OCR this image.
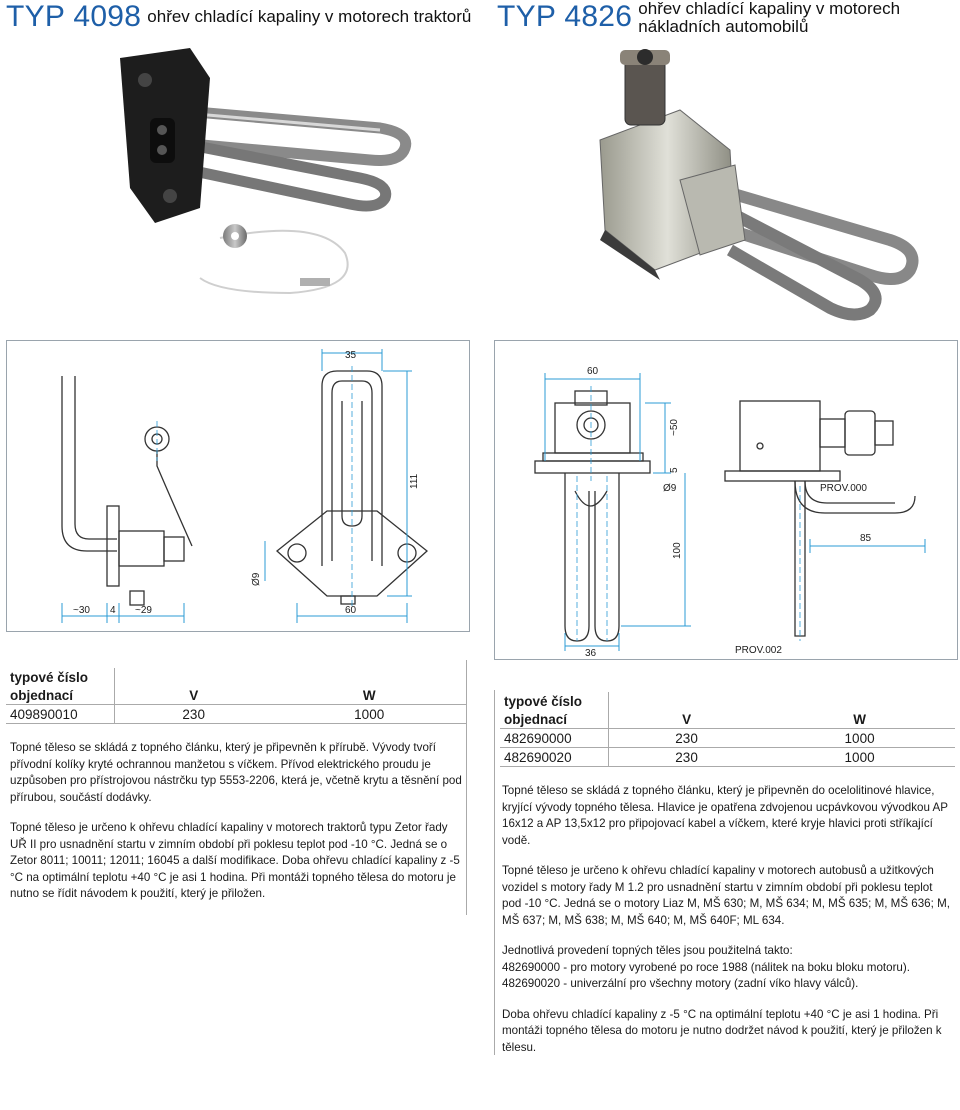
TYP 4098 ohřev chladící kapaliny v motorech traktorů
35
111
Ø9
~30 4 ~29	60
typové číslo		
objednací	V	W
409890010	230	1000

Topné těleso se skládá z topného článku, který je připevněn k přírubě. Vývody tvoří přívodní kolíky kryté ochrannou manžetou s víčkem. Přívod elektrického proudu je uzpůsoben pro přístrojovou nástrčku typ 5553-2206, která je, včetně krytu a těsnění pod přírubou, součástí dodávky.

Topné těleso je určeno k ohřevu chladící kapaliny v motorech traktorů typu Zetor řady UŘ II pro usnadnění startu v zimním období při poklesu teplot pod -10 °C. Jedná se o Zetor 8011; 10011; 12011; 16045 a další modifikace. Doba ohřevu chladící kapaliny z -5 °C na optimální teplotu +40 °C je asi 1 hodina. Při montáži topného tělesa do motoru je nutno se řídit návodem k použití, který je přiložen.

TYP 4826 ohřev chladící kapaliny v motorech
nákladních automobilů
60
~50
5
Ø9	PROV.000
85
100
36	PROV.002
typové číslo		
objednací	V	W
482690000	230	1000
482690020	230	1000

Topné těleso se skládá z topného článku, který je připevněn do ocelolitinové hlavice, kryjící vývody topného tělesa. Hlavice je opatřena zdvojenou ucpávkovou vývodkou AP 16x12 a AP 13,5x12 pro připojovací kabel a víčkem, které kryje hlavici proti stříkající vodě.

Topné těleso je určeno k ohřevu chladící kapaliny v motorech autobusů a užitkových vozidel s motory řady M 1.2 pro usnadnění startu v zimním období při poklesu teplot pod -10 °C. Jedná se o motory Liaz M, MŠ 630; M, MŠ 634; M, MŠ 635; M, MŠ 636; M, MŠ 637; M, MŠ 638; M, MŠ 640; M, MŠ 640F; ML 634.

Jednotlivá provedení topných těles jsou použitelná takto:
482690000 - pro motory vyrobené po roce 1988 (nálitek na boku bloku motoru).

482690020 - univerzální pro všechny motory (zadní víko hlavy válců).

Doba ohřevu chladící kapaliny z -5 °C na optimální teplotu +40 °C je asi 1 hodina. Při montáži topného tělesa do motoru je nutno dodržet návod k použití, který je přiložen k tělesu.
